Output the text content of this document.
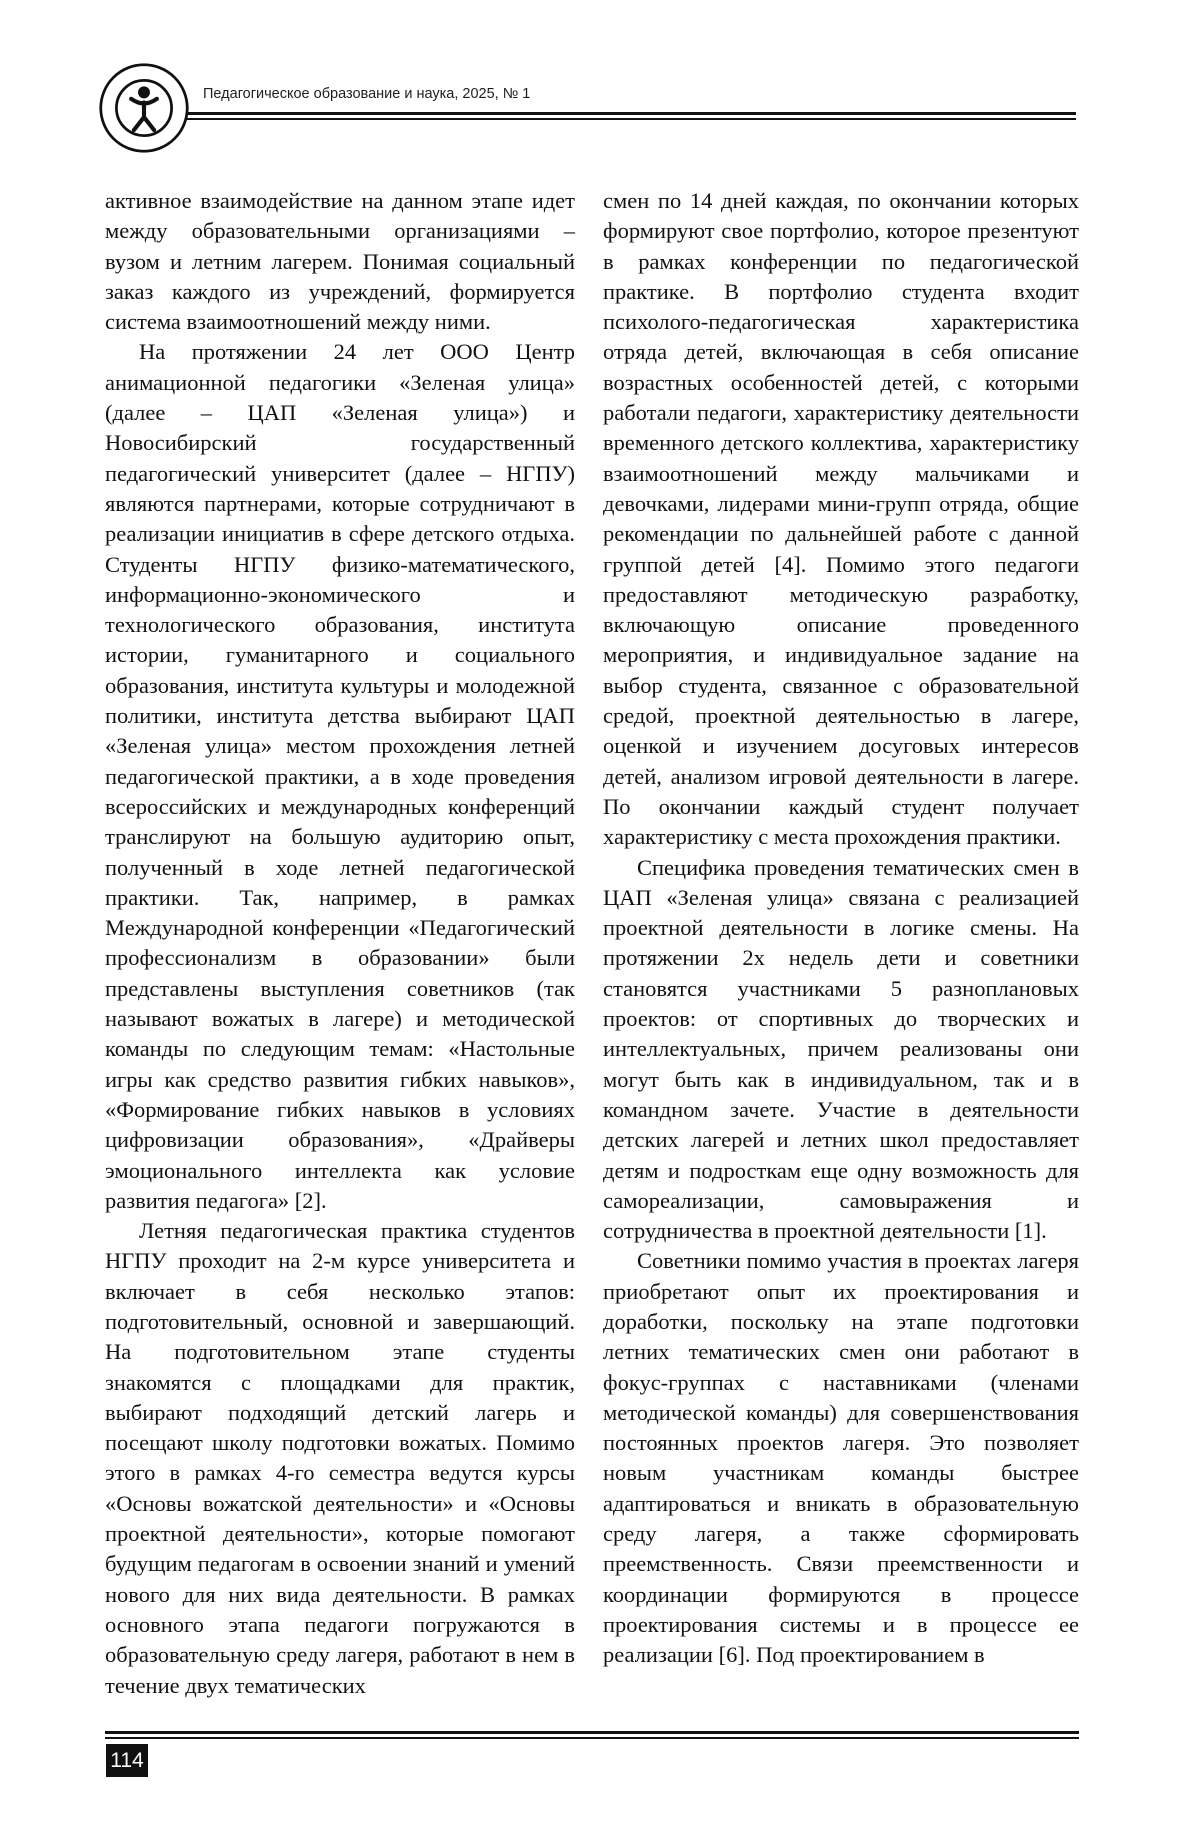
Педагогическое образование и наука, 2025, № 1

активное взаимодействие на данном этапе идет между образовательными организациями – вузом и летним лагерем. Понимая социальный заказ каждого из учреждений, формируется система взаимоотношений между ними.

На протяжении 24 лет ООО Центр анимационной педагогики «Зеленая улица» (далее – ЦАП «Зеленая улица») и Новосибирский государственный педагогический университет (далее – НГПУ) являются партнерами, которые сотрудничают в реализации инициатив в сфере детского отдыха. Студенты НГПУ физико-математического, информационно-экономического и технологического образования, института истории, гуманитарного и социального образования, института культуры и молодежной политики, института детства выбирают ЦАП «Зеленая улица» местом прохождения летней педагогической практики, а в ходе проведения всероссийских и международных конференций транслируют на большую аудиторию опыт, полученный в ходе летней педагогической практики. Так, например, в рамках Международной конференции «Педагогический профессионализм в образовании» были представлены выступления советников (так называют вожатых в лагере) и методической команды по следующим темам: «Настольные игры как средство развития гибких навыков», «Формирование гибких навыков в условиях цифровизации образования», «Драйверы эмоционального интеллекта как условие развития педагога» [2].

Летняя педагогическая практика студентов НГПУ проходит на 2-м курсе университета и включает в себя несколько этапов: подготовительный, основной и завершающий. На подготовительном этапе студенты знакомятся с площадками для практик, выбирают подходящий детский лагерь и посещают школу подготовки вожатых. Помимо этого в рамках 4-го семестра ведутся курсы «Основы вожатской деятельности» и «Основы проектной деятельности», которые помогают будущим педагогам в освоении знаний и умений нового для них вида деятельности. В рамках основного этапа педагоги погружаются в образовательную среду лагеря, работают в нем в течение двух тематических

смен по 14 дней каждая, по окончании которых формируют свое портфолио, которое презентуют в рамках конференции по педагогической практике. В портфолио студента входит психолого-педагогическая характеристика отряда детей, включающая в себя описание возрастных особенностей детей, с которыми работали педагоги, характеристику деятельности временного детского коллектива, характеристику взаимоотношений между мальчиками и девочками, лидерами мини-групп отряда, общие рекомендации по дальнейшей работе с данной группой детей [4]. Помимо этого педагоги предоставляют методическую разработку, включающую описание проведенного мероприятия, и индивидуальное задание на выбор студента, связанное с образовательной средой, проектной деятельностью в лагере, оценкой и изучением досуговых интересов детей, анализом игровой деятельности в лагере. По окончании каждый студент получает характеристику с места прохождения практики.

Специфика проведения тематических смен в ЦАП «Зеленая улица» связана с реализацией проектной деятельности в логике смены. На протяжении 2х недель дети и советники становятся участниками 5 разноплановых проектов: от спортивных до творческих и интеллектуальных, причем реализованы они могут быть как в индивидуальном, так и в командном зачете. Участие в деятельности детских лагерей и летних школ предоставляет детям и подросткам еще одну возможность для самореализации, самовыражения и сотрудничества в проектной деятельности [1].

Советники помимо участия в проектах лагеря приобретают опыт их проектирования и доработки, поскольку на этапе подготовки летних тематических смен они работают в фокус-группах с наставниками (членами методической команды) для совершенствования постоянных проектов лагеря. Это позволяет новым участникам команды быстрее адаптироваться и вникать в образовательную среду лагеря, а также сформировать преемственность. Связи преемственности и координации формируются в процессе проектирования системы и в процессе ее реализации [6]. Под проектированием в

114
